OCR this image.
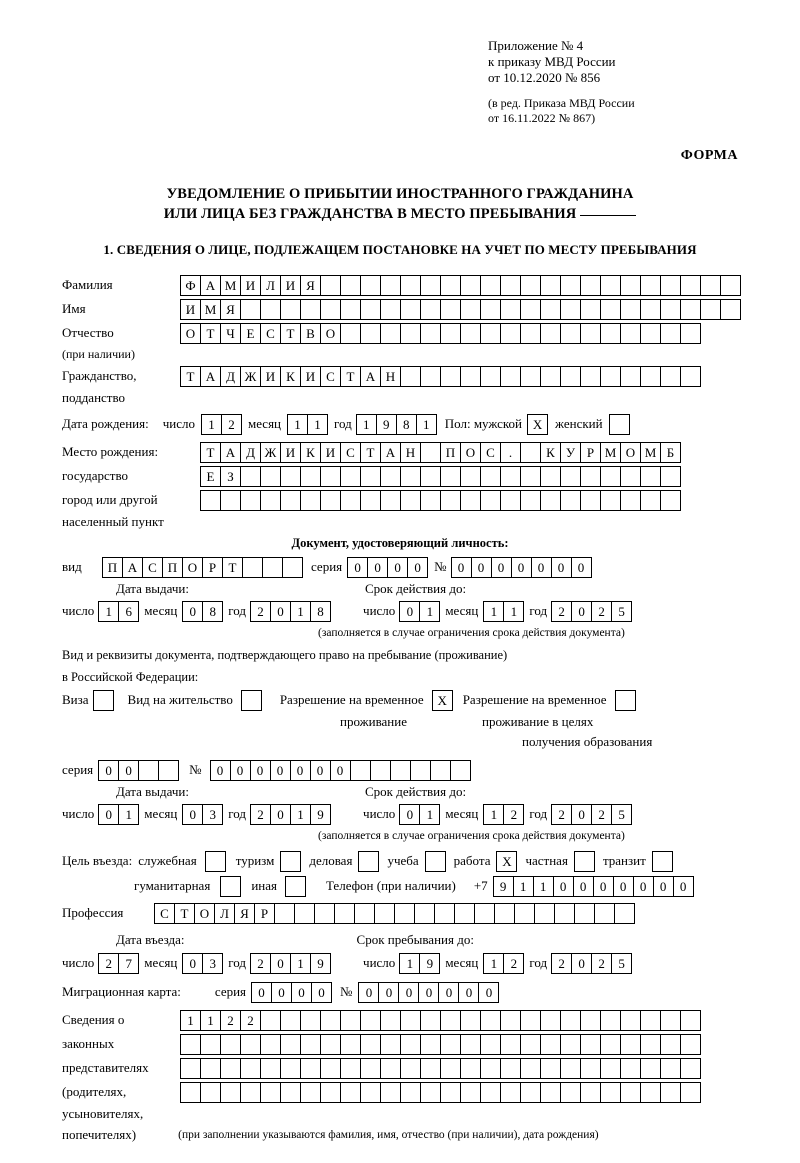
Приложение № 4
к приказу МВД России
от 10.12.2020 № 856
(в ред. Приказа МВД России
от 16.11.2022 № 867)
ФОРМА
УВЕДОМЛЕНИЕ О ПРИБЫТИИ ИНОСТРАННОГО ГРАЖДАНИНА
ИЛИ ЛИЦА БЕЗ ГРАЖДАНСТВА В МЕСТО ПРЕБЫВАНИЯ
1. СВЕДЕНИЯ О ЛИЦЕ, ПОДЛЕЖАЩЕМ ПОСТАНОВКЕ НА УЧЕТ ПО МЕСТУ ПРЕБЫВАНИЯ
Фамилия	Ф А М И Л И Я
Имя	И М Я
Отчество	О Т Ч Е С Т В О
(при наличии)
Гражданство,	Т А Д Ж И К И С Т А Н
подданство
Дата рождения: число	1	2	месяц	1	1	год 1	9	8	1	Пол: мужской X женский
Место рождения:	Т А Д Ж И К И С Т А Н	П О С	.	К У Р М О М Б
государство	Е З
город или другой
населенный пункт
Документ, удостоверяющий личность:
вид	П А С П О Р Т	серия 0	0	0	0	№ 0	0	0	0	0	0	0
Дата выдачи:	Срок действия до:
число 1	6 месяц 0	8 год 2	0	1	8	число 0	1 месяц 1	1 год 2	0	2	5
(заполняется в случае ограничения срока действия документа)
Вид и реквизиты документа, подтверждающего право на пребывание (проживание)
в Российской Федерации:
Виза	Вид на жительство	Разрешение на временное	X	Разрешение на временное
проживание	проживание в целях
получения образования
серия 0	0	№	0	0	0	0	0	0	0
Дата выдачи:	Срок действия до:
число 0	1 месяц 0	3 год 2	0	1	9	число 0	1 месяц 1	2 год 2	0	2	5
(заполняется в случае ограничения срока действия документа)
Цель въезда: служебная	туризм	деловая	учеба	работа X	частная	транзит
гуманитарная	иная	Телефон (при наличии) +7 9	1	1	0	0	0	0	0	0	0
Профессия	С Т О Л Я Р
Дата въезда:	Срок пребывания до:
число 2	7 месяц 0	3 год 2	0	1	9	число 1	9 месяц 1	2 год 2	0	2	5
Миграционная карта:	серия 0	0	0	0	№	0	0	0	0	0	0	0
Сведения о	1	1	2	2
законных
представителях
(родителях,
усыновителях,
попечителях)	(при заполнении указываются фамилия, имя, отчество (при наличии), дата рождения)
